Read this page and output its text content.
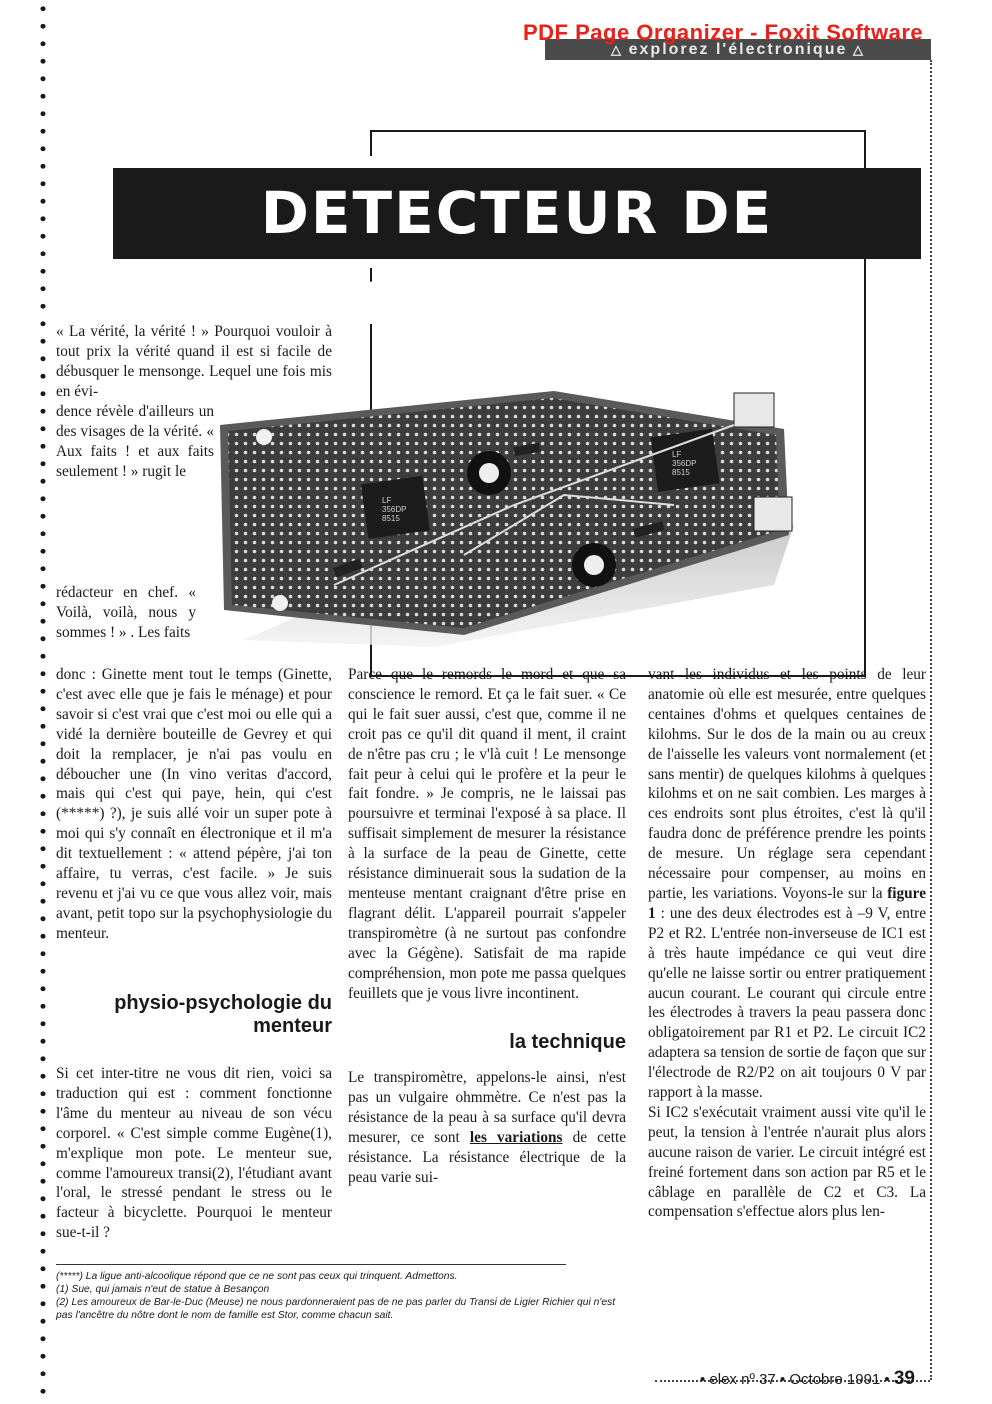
△ explorez l'électronique △
PDF Page Organizer - Foxit Software
DETECTEUR DE MENSONGE
LF
356DP
8515
LF
356DP
8515

« La vérité, la vérité ! » Pourquoi vouloir à tout prix la vérité quand il est si facile de débusquer le mensonge. Lequel une fois mis en évi-

dence révèle d'ailleurs un des visages de la vérité. « Aux faits ! et aux faits seulement ! » rugit le

rédacteur en chef. « Voilà, voilà, nous y sommes ! » . Les faits

donc : Ginette ment tout le temps (Ginette, c'est avec elle que je fais le ménage) et pour savoir si c'est vrai que c'est moi ou elle qui a vidé la dernière bouteille de Gevrey et qui doit la remplacer, je n'ai pas voulu en déboucher une (In vino veritas d'accord, mais qui c'est qui paye, hein, qui c'est (*****) ?), je suis allé voir un super pote à moi qui s'y connaît en électronique et il m'a dit textuellement : « attend pépère, j'ai ton affaire, tu verras, c'est facile. » Je suis revenu et j'ai vu ce que vous allez voir, mais avant, petit topo sur la psychophysiologie du menteur.

physio-psychologie du menteur

Si cet inter-titre ne vous dit rien, voici sa traduction qui est : comment fonctionne l'âme du menteur au niveau de son vécu corporel. « C'est simple comme Eugène(1), m'explique mon pote. Le menteur sue, comme l'amoureux transi(2), l'étudiant avant l'oral, le stressé pendant le stress ou le facteur à bicyclette. Pourquoi le menteur sue-t-il ?

Parce que le remords le mord et que sa conscience le remord. Et ça le fait suer. « Ce qui le fait suer aussi, c'est que, comme il ne croit pas ce qu'il dit quand il ment, il craint de n'être pas cru ; le v'là cuit ! Le mensonge fait peur à celui qui le profère et la peur le fait fondre. » Je compris, ne le laissai pas poursuivre et terminai l'exposé à sa place. Il suffisait simplement de mesurer la résistance à la surface de la peau de Ginette, cette résistance diminuerait sous la sudation de la menteuse mentant craignant d'être prise en flagrant délit. L'appareil pourrait s'appeler transpiromètre (à ne surtout pas confondre avec la Gégène). Satisfait de ma rapide compréhension, mon pote me passa quelques feuillets que je vous livre incontinent.

la technique

Le transpiromètre, appelons-le ainsi, n'est pas un vulgaire ohmmètre. Ce n'est pas la résistance de la peau à sa surface qu'il devra mesurer, ce sont les variations de cette résistance. La résistance électrique de la peau varie sui-

vant les individus et les points de leur anatomie où elle est mesurée, entre quelques centaines d'ohms et quelques centaines de kilohms. Sur le dos de la main ou au creux de l'aisselle les valeurs vont normalement (et sans mentir) de quelques kilohms à quelques kilohms et on ne sait combien. Les marges à ces endroits sont plus étroites, c'est là qu'il faudra donc de préférence prendre les points de mesure. Un réglage sera cependant nécessaire pour compenser, au moins en partie, les variations. Voyons-le sur la figure 1 : une des deux électrodes est à –9 V, entre P2 et R2. L'entrée non-inverseuse de IC1 est à très haute impédance ce qui veut dire qu'elle ne laisse sortir ou entrer pratiquement aucun courant. Le courant qui circule entre les électrodes à travers la peau passera donc obligatoirement par R1 et P2. Le circuit IC2 adaptera sa tension de sortie de façon que sur l'électrode de R2/P2 on ait toujours 0 V par rapport à la masse.

Si IC2 s'exécutait vraiment aussi vite qu'il le peut, la tension à l'entrée n'aurait plus alors aucune raison de varier. Le circuit intégré est freiné fortement dans son action par R5 et le câblage en parallèle de C2 et C3. La compensation s'effectue alors plus len-

(*****) La ligue anti-alcoolique répond que ce ne sont pas ceux qui trinquent. Admettons.

(1) Sue, qui jamais n'eut de statue à Besançon

(2) Les amoureux de Bar-le-Duc (Meuse) ne nous pardonneraient pas de ne pas parler du Transi de Ligier Richier qui n'est pas l'ancêtre du nôtre dont le nom de famille est Stor, comme chacun sait.

• elex nº 37 • Octobre 1991 • 39
